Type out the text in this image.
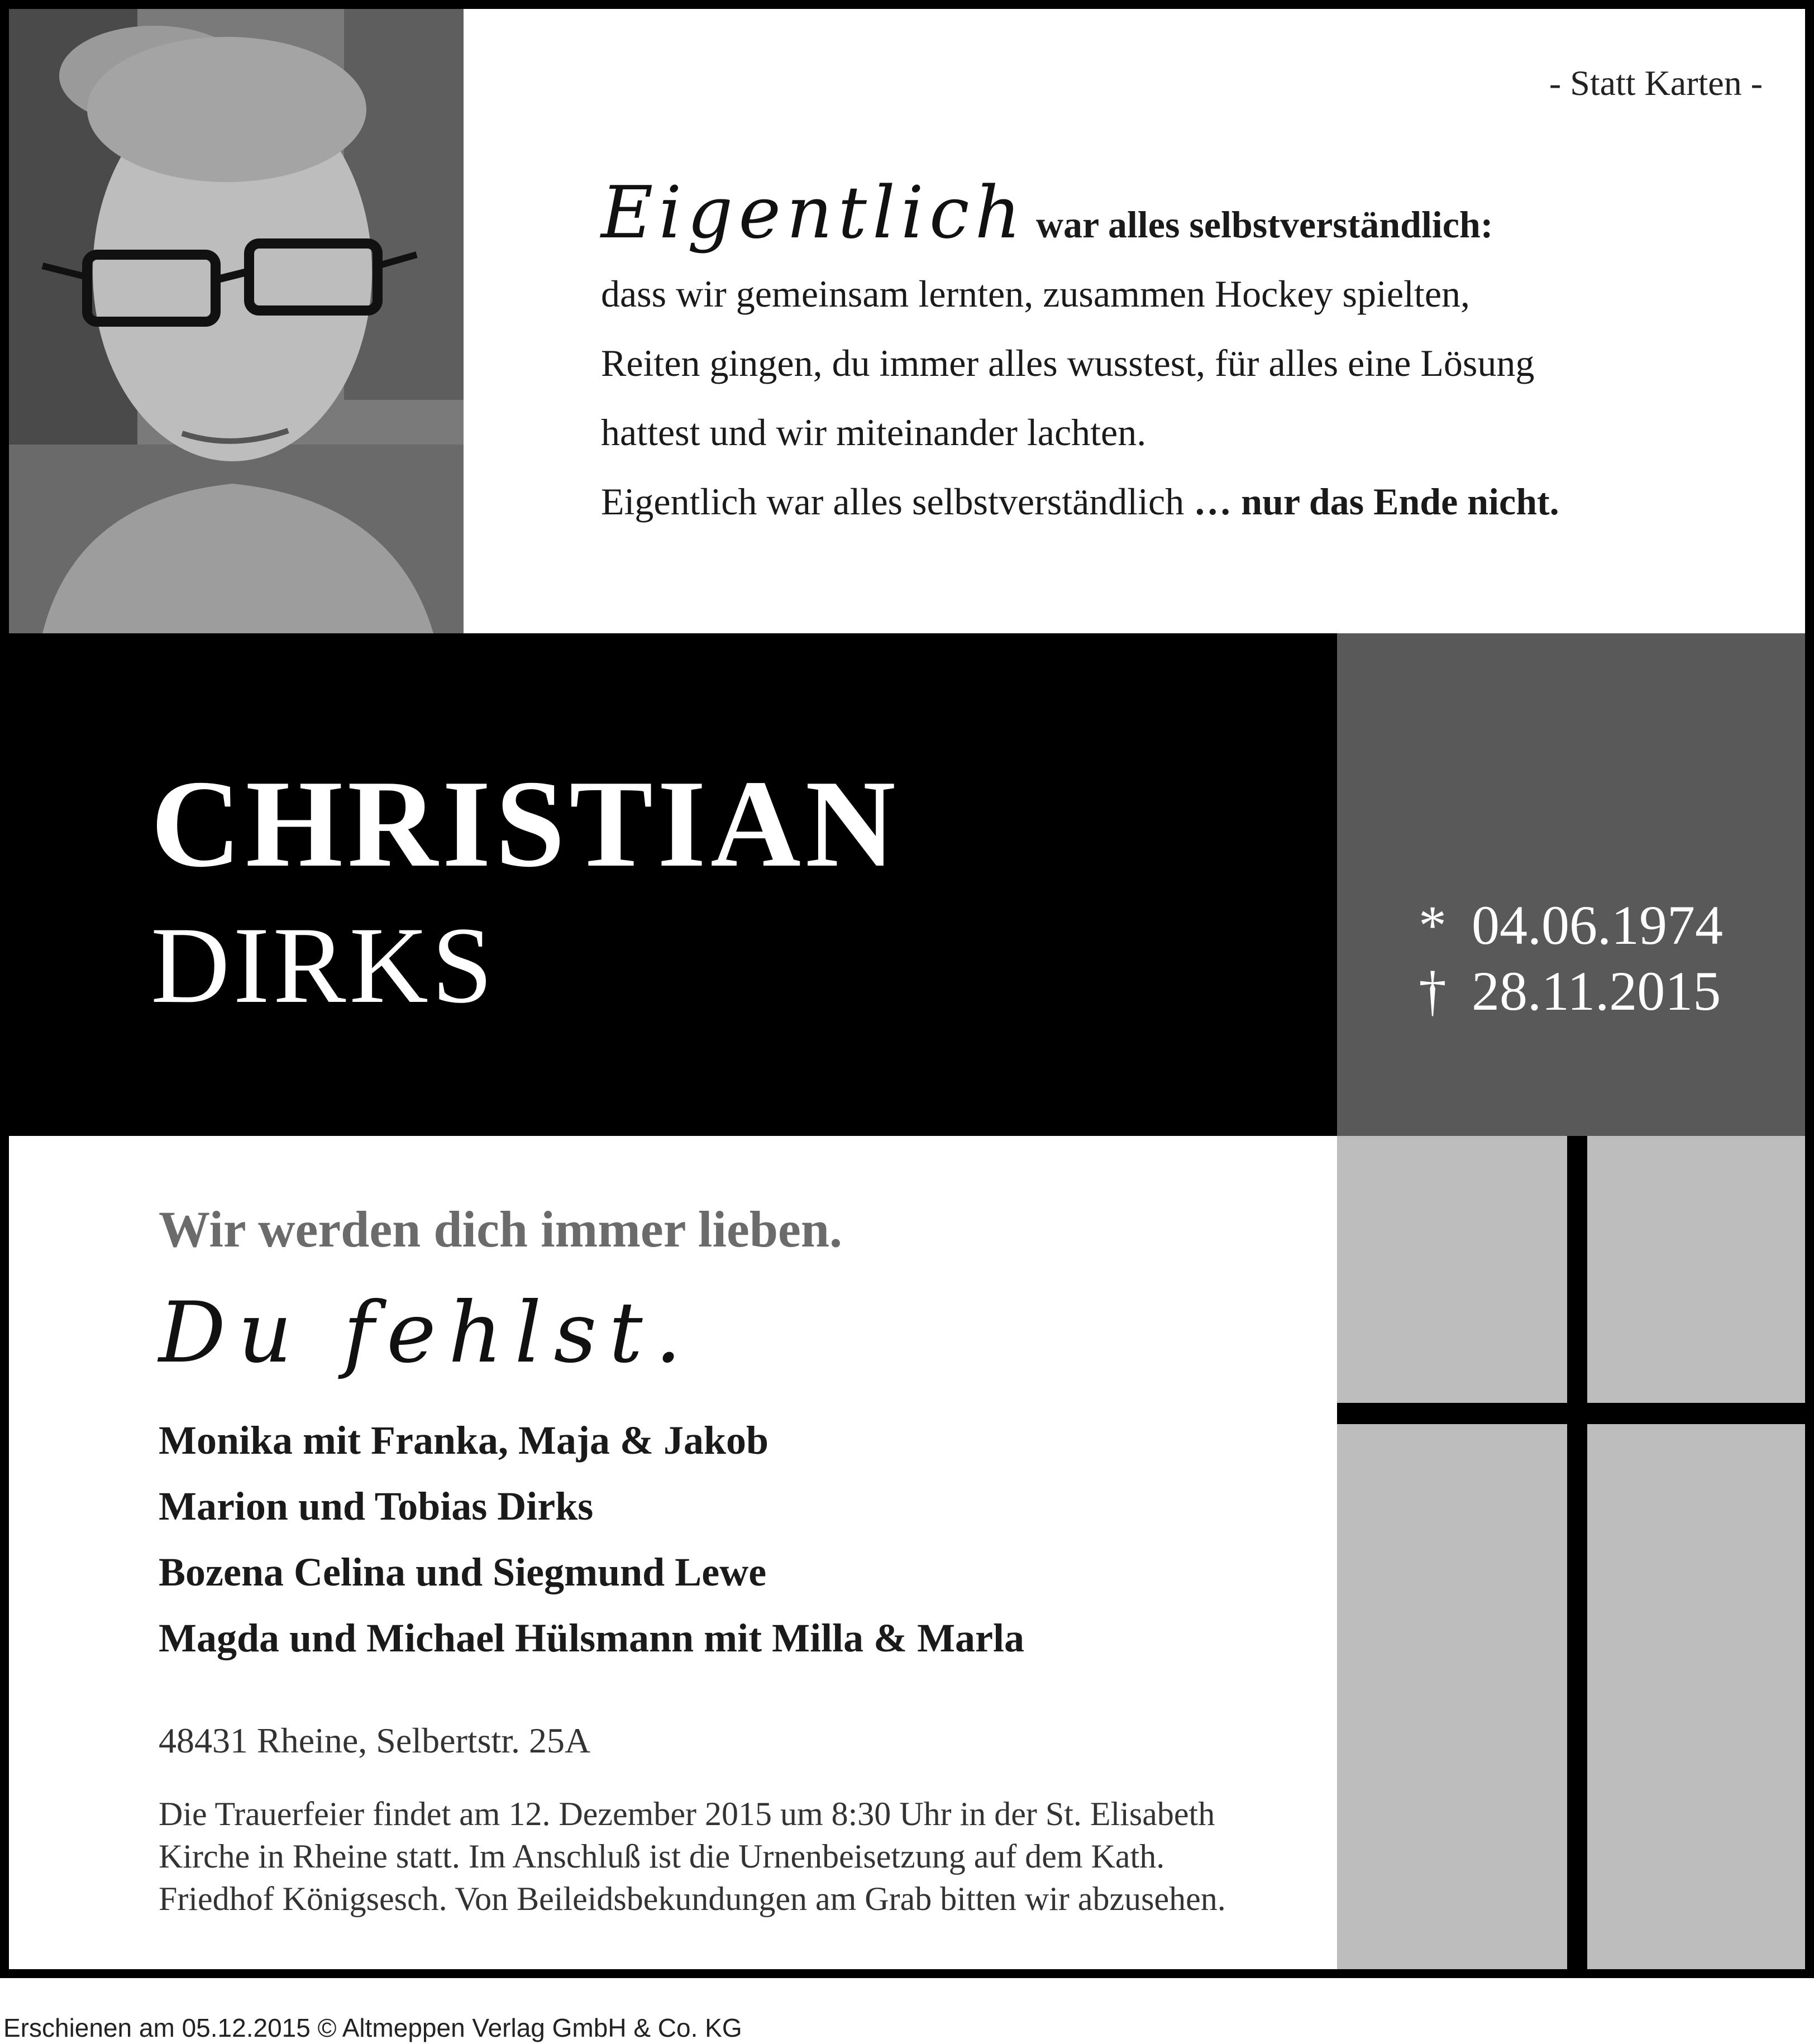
- Statt Karten -
Eigentlich war alles selbstverständlich:
dass wir gemeinsam lernten, zusammen Hockey spielten,
Reiten gingen, du immer alles wusstest, für alles eine Lösung
hattest und wir miteinander lachten.
Eigentlich war alles selbstverständlich … nur das Ende nicht.
CHRISTIAN
DIRKS	* 04.06.1974
† 28.11.2015
Wir werden dich immer lieben.
Du fehlst.
Monika mit Franka, Maja & Jakob
Marion und Tobias Dirks
Bozena Celina und Siegmund Lewe
Magda und Michael Hülsmann mit Milla & Marla
48431 Rheine, Selbertstr. 25A
Die Trauerfeier findet am 12. Dezember 2015 um 8:30 Uhr in der St. Elisabeth
Kirche in Rheine statt. Im Anschluß ist die Urnenbeisetzung auf dem Kath.
Friedhof Königsesch. Von Beileidsbekundungen am Grab bitten wir abzusehen.
Erschienen am 05.12.2015 © Altmeppen Verlag GmbH & Co. KG
